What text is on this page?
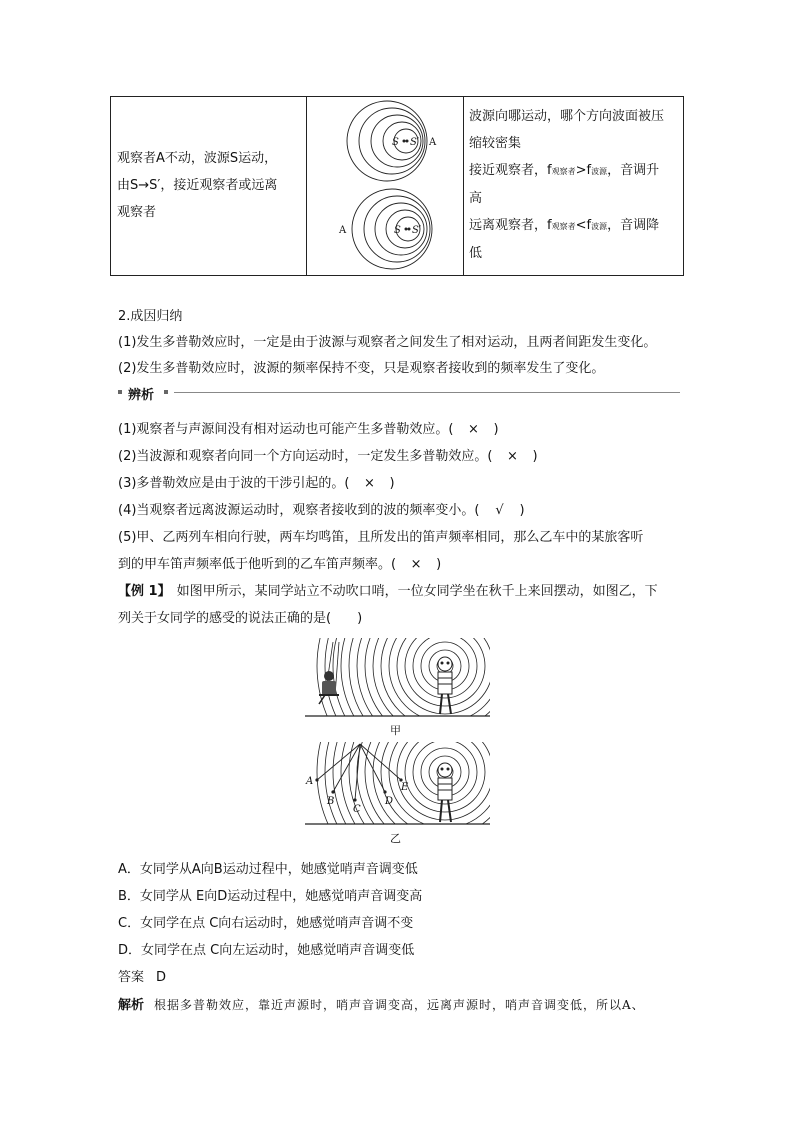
观察者A不动，波源S运动，
由S→S′，接近观察者或远离
观察者
S S′
S S′
A
A
波源向哪运动，哪个方向波面被压
缩较密集
接近观察者，f观察者>f波源，音调升
高
远离观察者，f观察者<f波源，音调降
低
2.成因归纳
(1)发生多普勒效应时，一定是由于波源与观察者之间发生了相对运动，且两者间距发生变化。
(2)发生多普勒效应时，波源的频率保持不变，只是观察者接收到的频率发生了变化。
辨析
(1)观察者与声源间没有相对运动也可能产生多普勒效应。( × )
(2)当波源和观察者向同一个方向运动时，一定发生多普勒效应。( × )
(3)多普勒效应是由于波的干涉引起的。( × )
(4)当观察者远离波源运动时，观察者接收到的波的频率变小。( √ )
(5)甲、乙两列车相向行驶，两车均鸣笛，且所发出的笛声频率相同，那么乙车中的某旅客听
到的甲车笛声频率低于他听到的乙车笛声频率。( × )
【例 1】 如图甲所示，某同学站立不动吹口哨，一位女同学坐在秋千上来回摆动，如图乙，下
列关于女同学的感受的说法正确的是(　　)
甲
A
B
C
D
E
乙
A．女同学从A向B运动过程中，她感觉哨声音调变低
B．女同学从 E向D运动过程中，她感觉哨声音调变高
C．女同学在点 C向右运动时，她感觉哨声音调不变
D．女同学在点 C向左运动时，她感觉哨声音调变低
答案 D
解析 根据多普勒效应，靠近声源时，哨声音调变高，远离声源时，哨声音调变低，所以A、
